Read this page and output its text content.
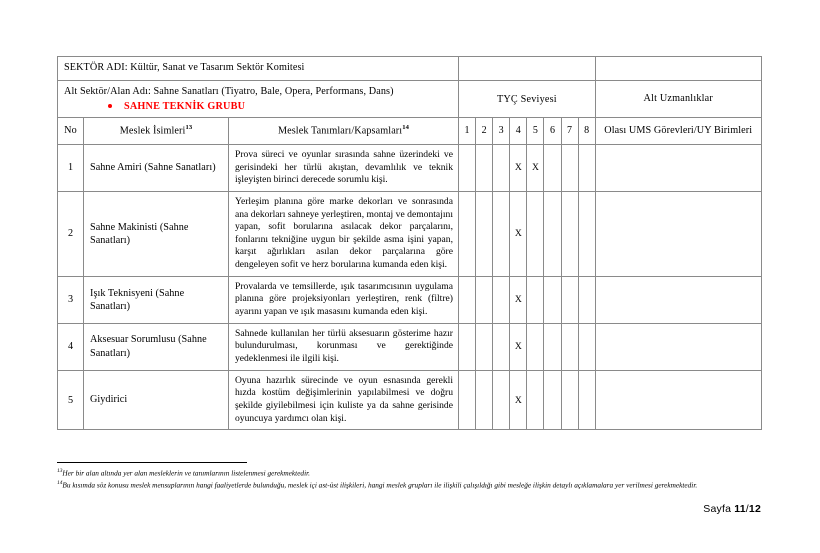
SEKTÖR ADI: Kültür, Sanat ve Tasarım Sektör Komitesi											
Alt Sektör/Alan Adı: Sahne Sanatları (Tiyatro, Bale, Opera, Performans, Dans)
SAHNE TEKNİK GRUBU			TYÇ Seviyesi								Alt Uzmanlıklar
No	Meslek İsimleri$^{13}$	Meslek Tanımları/Kapsamları$^{14}$	1	2	3	4	5	6	7	8	Olası UMS Görevleri/UY Birimleri
1	Sahne Amiri (Sahne Sanatları)	Prova süreci ve oyunlar sırasında sahne üzerindeki ve gerisindeki her türlü akıştan, devamlılık ve teknik işleyişten birinci derecede sorumlu kişi.				X	X				
2	Sahne Makinisti (Sahne Sanatları)	Yerleşim planına göre marke dekorları ve sonrasında ana dekorları sahneye yerleştiren, montaj ve demontajını yapan, sofit borularına asılacak dekor parçalarını, fonlarını tekniğine uygun bir şekilde asma işini yapan, karşıt ağırlıkları asılan dekor parçalarına göre dengeleyen sofit ve herz borularına kumanda eden kişi.				X					
3	Işık Teknisyeni (Sahne Sanatları)	Provalarda ve temsillerde, ışık tasarımcısının uygulama planına göre projeksiyonları yerleştiren, renk (filtre) ayarını yapan ve ışık masasını kumanda eden kişi.				X					
4	Aksesuar Sorumlusu (Sahne Sanatları)	Sahnede kullanılan her türlü aksesuarın gösterime hazır bulundurulması, korunması ve gerektiğinde yedeklenmesi ile ilgili kişi.				X					
5	Giydirici	Oyuna hazırlık sürecinde ve oyun esnasında gerekli hızda kostüm değişimlerinin yapılabilmesi ve doğru şekilde giyilebilmesi için kuliste ya da sahne gerisinde oyuncuya yardımcı olan kişi.				X					

$^{13}$Her bir alan altında yer alan mesleklerin ve tanımlarının listelenmesi gerekmektedir.

$^{14}$Bu kısımda söz konusu meslek mensuplarının hangi faaliyetlerde bulunduğu, meslek içi ast-üst ilişkileri, hangi meslek grupları ile ilişkili çalışıldığı gibi mesleğe ilişkin detaylı açıklamalara yer verilmesi gerekmektedir.

Sayfa 11/12
